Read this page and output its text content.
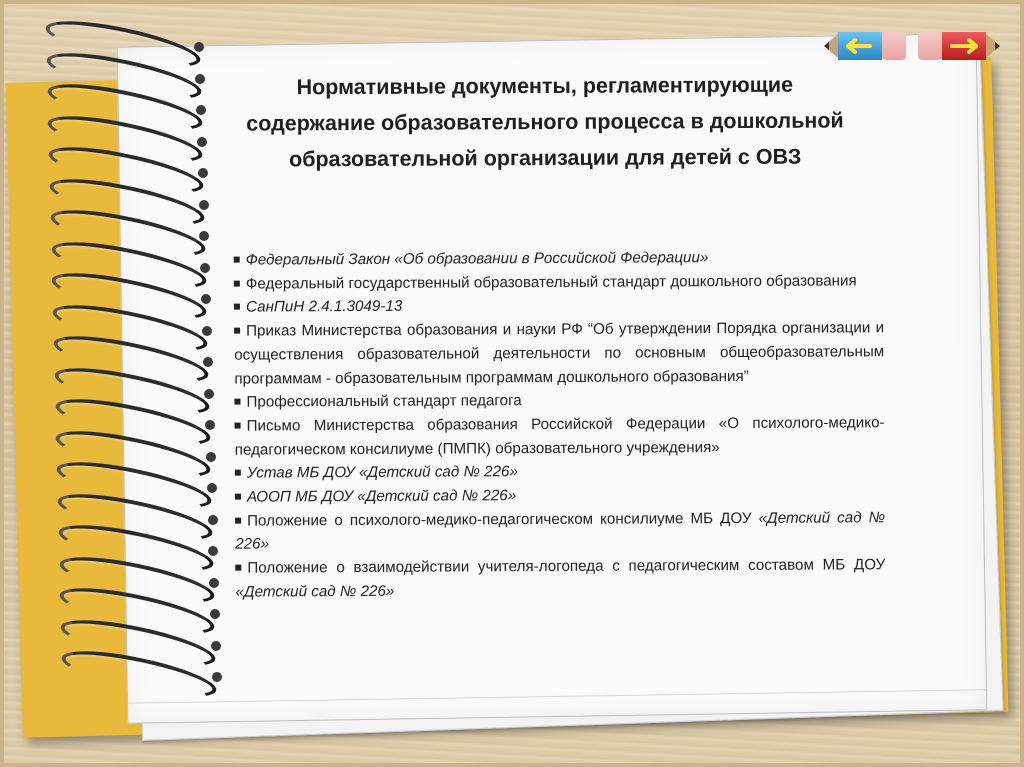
Нормативные документы, регламентирующие содержание образовательного процесса в дошкольной образовательной организации для детей с ОВЗ

Федеральный Закон «Об образовании в Российской Федерации»

Федеральный государственный образовательный стандарт дошкольного образования

СанПиН 2.4.1.3049-13

Приказ Министерства образования и науки РФ “Об утверждении Порядка организации и осуществления образовательной деятельности по основным общеобразовательным программам - образовательным программам дошкольного образования”

Профессиональный стандарт педагога

Письмо Министерства образования Российской Федерации «О психолого-медико-педагогическом консилиуме (ПМПК) образовательного учреждения»

Устав МБ ДОУ «Детский сад № 226»

АООП МБ ДОУ «Детский сад № 226»

Положение о психолого-медико-педагогическом консилиуме МБ ДОУ «Детский сад № 226»

Положение о взаимодействии учителя-логопеда с педагогическим составом МБ ДОУ «Детский сад № 226»
